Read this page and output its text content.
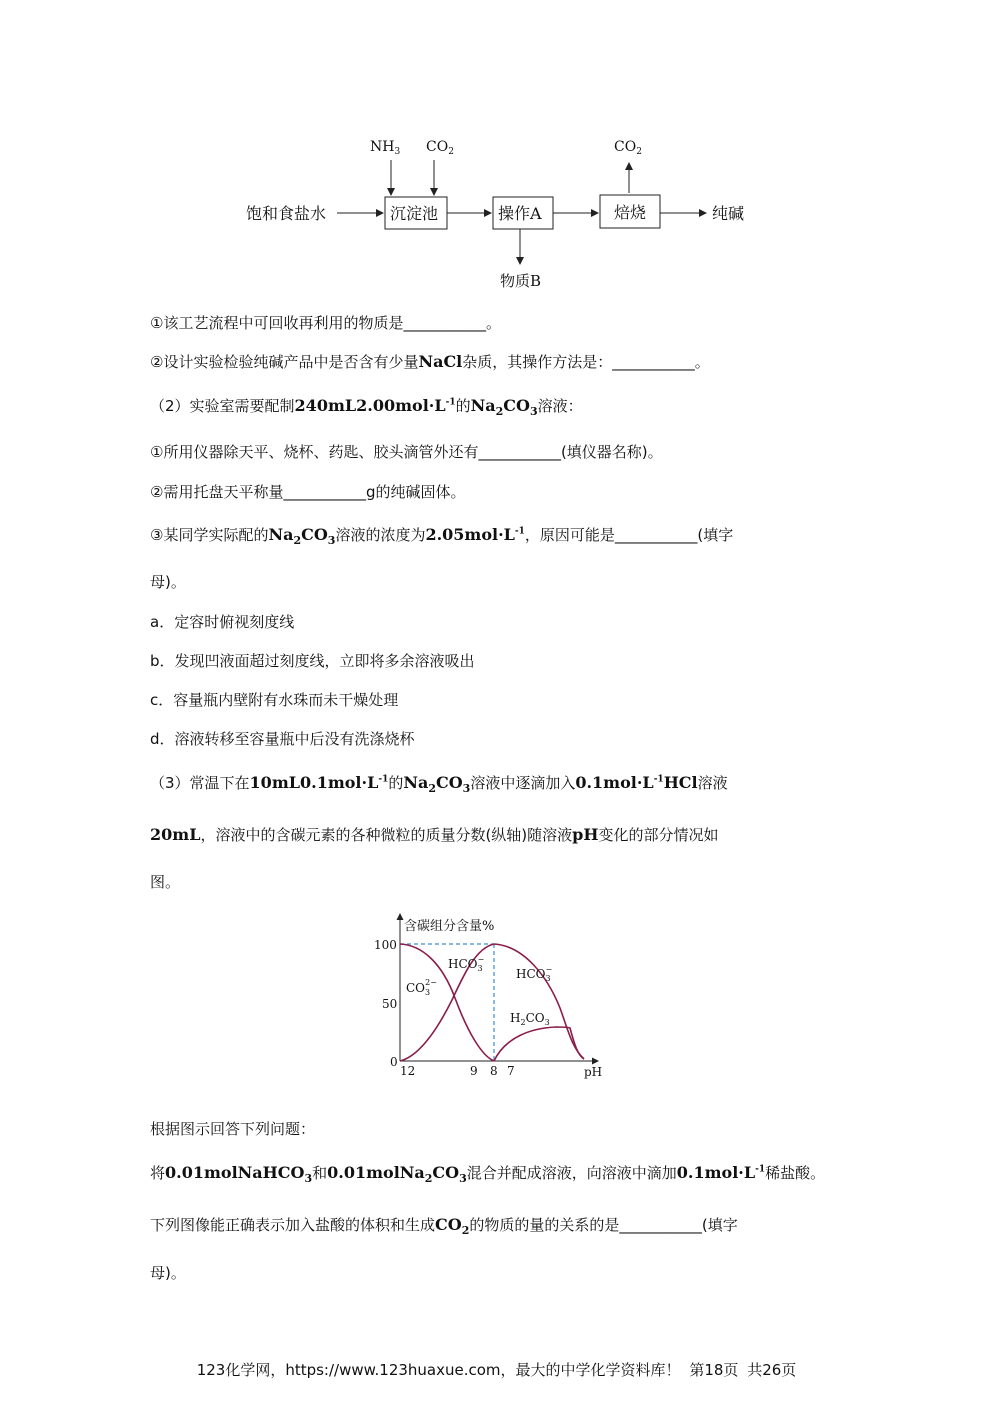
饱和食盐水	沉淀池	操作A	焙烧	纯碱
物质B
$NH_3$ $CO_2$	$CO_2$
①该工艺流程中可回收再利用的物质是___________。
②设计实验检验纯碱产品中是否含有少量NaCl杂质，其操作方法是：___________。
（2）实验室需要配制$240mL2.00mol\cdot L^{-1}$的$Na_2CO_3$溶液：
①所用仪器除天平、烧杯、药匙、胶头滴管外还有___________(填仪器名称)。
②需用托盘天平称量___________g的纯碱固体。
③某同学实际配的$Na_2CO_3$溶液的浓度为$2.05mol\cdot L^{-1}$，原因可能是___________(填字
母)。
a．定容时俯视刻度线
b．发现凹液面超过刻度线，立即将多余溶液吸出
c．容量瓶内壁附有水珠而未干燥处理
d．溶液转移至容量瓶中后没有洗涤烧杯
（3）常温下在$10mL0.1mol\cdot L^{-1}$的$Na_2CO_3$溶液中逐滴加入$0.1mol\cdot L^{-1}HCl$溶液
20mL，溶液中的含碳元素的各种微粒的质量分数(纵轴)随溶液pH变化的部分情况如
图。
含碳组分含量%
pH
100
50
0
12	9 8 7
$CO_32-$
$HCO_3-$
$HCO_3-$
$H_2CO_3$
根据图示回答下列问题：
将0.01molNaHCO$_3$和$0.01molNa_2CO_3$混合并配成溶液，向溶液中滴加$0.1mol\cdot L^{-1}$稀盐酸。
下列图像能正确表示加入盐酸的体积和生成$CO_2$的物质的量的关系的是___________(填字
母)。
123化学网，https://www.123huaxue.com，最大的中学化学资料库！ 第18页 共26页
